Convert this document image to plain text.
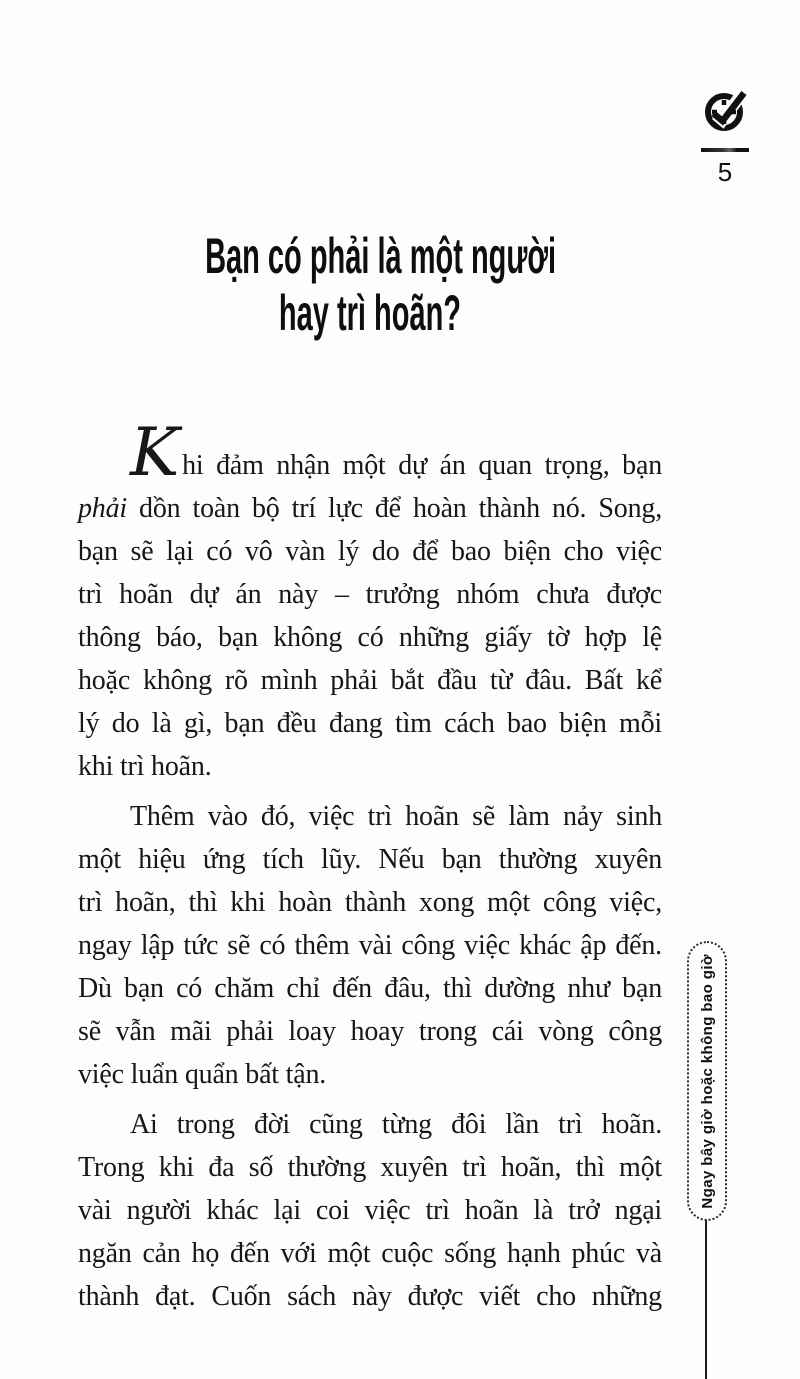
5
Bạn có phải là một người
hay trì hoãn?
Khi đảm nhận một dự án quan trọng, bạn
phải dồn toàn bộ trí lực để hoàn thành nó. Song,
bạn sẽ lại có vô vàn lý do để bao biện cho việc
trì hoãn dự án này – trưởng nhóm chưa được
thông báo, bạn không có những giấy tờ hợp lệ
hoặc không rõ mình phải bắt đầu từ đâu. Bất kể
lý do là gì, bạn đều đang tìm cách bao biện mỗi
khi trì hoãn.
Thêm vào đó, việc trì hoãn sẽ làm nảy sinh
một hiệu ứng tích lũy. Nếu bạn thường xuyên
trì hoãn, thì khi hoàn thành xong một công việc,
ngay lập tức sẽ có thêm vài công việc khác ập đến.
Dù bạn có chăm chỉ đến đâu, thì dường như bạn
sẽ vẫn mãi phải loay hoay trong cái vòng công
việc luẩn quẩn bất tận.
Ai trong đời cũng từng đôi lần trì hoãn.
Trong khi đa số thường xuyên trì hoãn, thì một
vài người khác lại coi việc trì hoãn là trở ngại
ngăn cản họ đến với một cuộc sống hạnh phúc và
thành đạt. Cuốn sách này được viết cho những
Ngay bây giờ hoặc không bao giờ
